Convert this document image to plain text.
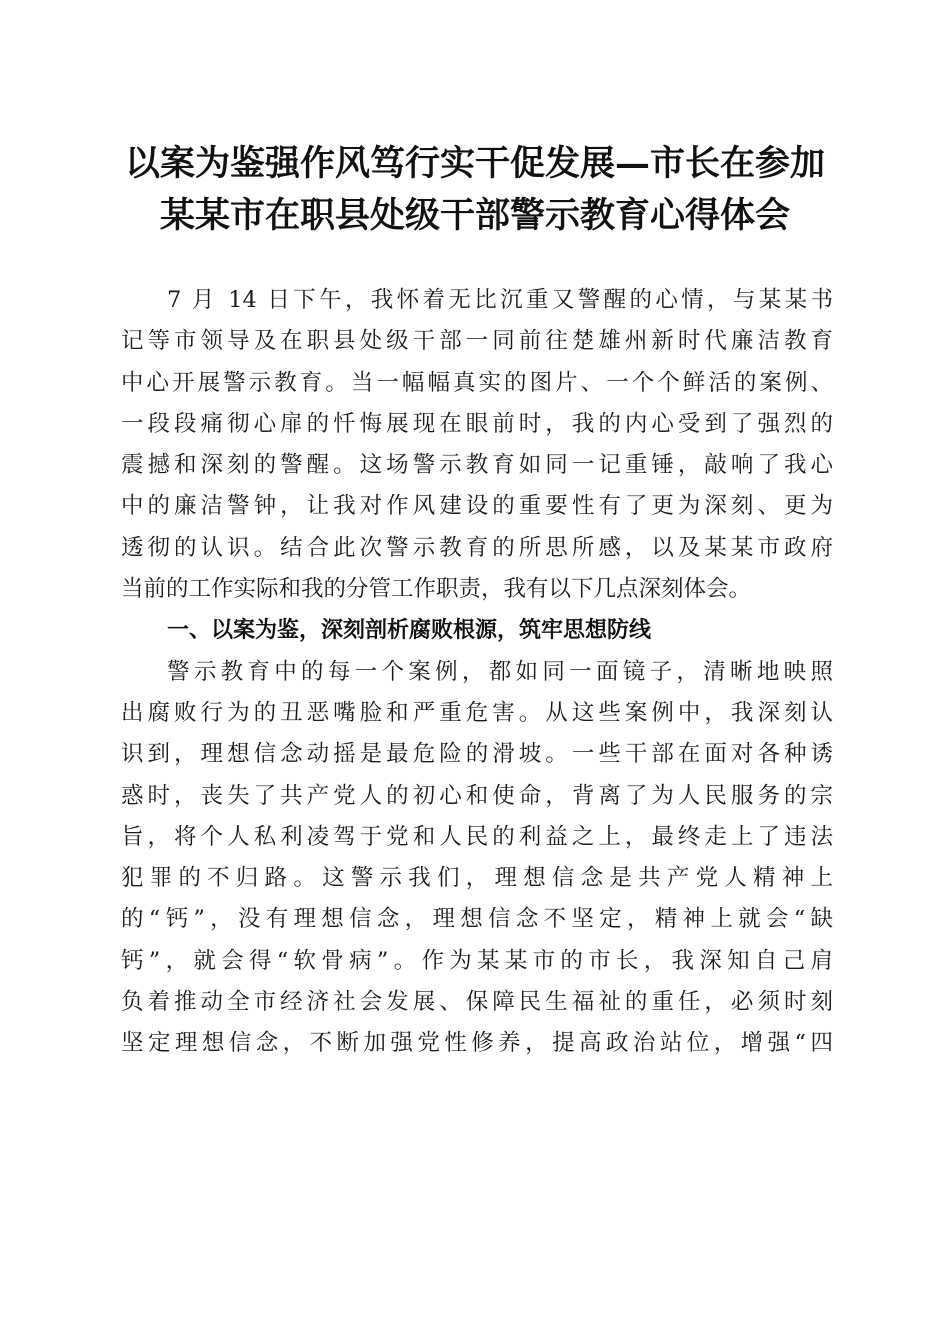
以案为鉴强作风笃行实干促发展—市长在参加
某某市在职县处级干部警示教育心得体会
7 月 14 日下午，我怀着无比沉重又警醒的心情，与某某书
记等市领导及在职县处级干部一同前往楚雄州新时代廉洁教育
中心开展警示教育。当一幅幅真实的图片、一个个鲜活的案例、
一段段痛彻心扉的忏悔展现在眼前时，我的内心受到了强烈的
震撼和深刻的警醒。这场警示教育如同一记重锤，敲响了我心
中的廉洁警钟，让我对作风建设的重要性有了更为深刻、更为
透彻的认识。结合此次警示教育的所思所感，以及某某市政府
当前的工作实际和我的分管工作职责，我有以下几点深刻体会。
一、以案为鉴，深刻剖析腐败根源，筑牢思想防线
警示教育中的每一个案例，都如同一面镜子，清晰地映照
出腐败行为的丑恶嘴脸和严重危害。从这些案例中，我深刻认
识到，理想信念动摇是最危险的滑坡。一些干部在面对各种诱
惑时，丧失了共产党人的初心和使命，背离了为人民服务的宗
旨，将个人私利凌驾于党和人民的利益之上，最终走上了违法
犯罪的不归路。这警示我们，理想信念是共产党人精神上
的“钙”，没有理想信念，理想信念不坚定，精神上就会“缺
钙”，就会得“软骨病”。作为某某市的市长，我深知自己肩
负着推动全市经济社会发展、保障民生福祉的重任，必须时刻
坚定理想信念，不断加强党性修养，提高政治站位，增强“四
